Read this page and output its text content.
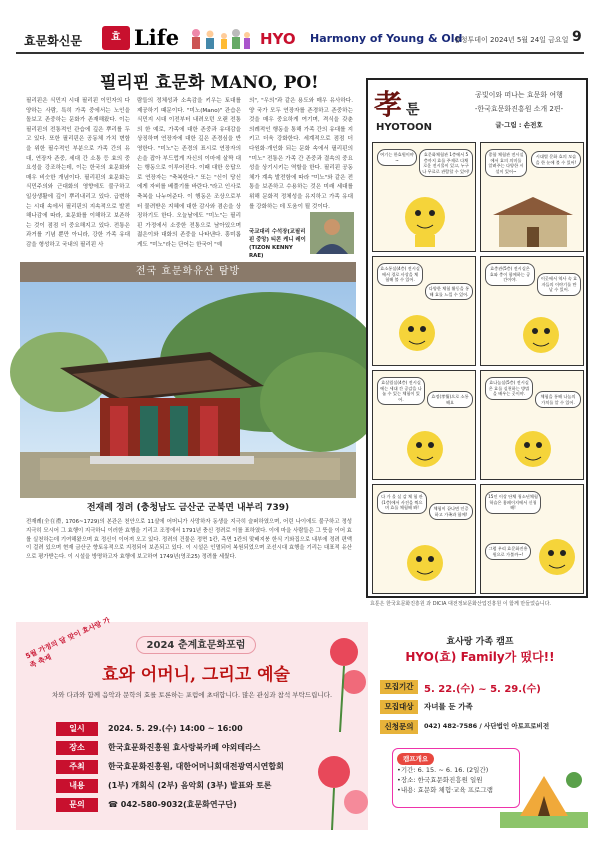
효문화신문	효 Life	HYO Harmony of Young & Old
충청투데이 2024년 5월 24일 금요일 9
필리핀 효문화 MANO, PO!
필리핀은 식민지 시대 필리핀 이민자의 다양하는 사람, 특히 가족 중에서는 노인을 돌보고 존중하는 문화가 존재해왔다. 이는 필리핀의 전통적인 관습에 깊은 뿌리를 두고 있다. 또한 필리핀은 공동체 가치 변함을 위한 필수적인 부분으로 가족 간의 유대, 연장자 존중, 세대 간 소통 등 효의 중요성을 강조하는데, 이는 한국의 효문화와 매우 비슷한 개념이다. 필리핀의 효문화는 식민주의와 근대화의 영향에도 불구하고 일상생활에 깊이 뿌리내리고 있다. 급변하는 시대 속에서 필리핀의 지속적으로 발전해나감에 따라, 효문화를 이해하고 보존하는 것이 점점 더 중요해지고 있다. 전통은 과거를 기념 뿐만 아니라, 강한 가족 유대감을 형성하고 국내의 필리핀 사
람들의 정체성과 소속감을 키우는 토대를 제공하기 때문이다. "미노(Mano)" 관습은 식민지 시대 이전부터 내려오던 오랜 전통의 한 예로, 가족에 대한 존중과 유대감을 상징하며 연장자에 대한 깊은 존경심을 반영한다. "미노"는 존경의 표시로 연장자의 손을 잡아 부드럽게 자신의 이마에 살짝 대는 행동으로 이루어진다. 이때 대한 응답으로 연장자는 "축복한다." 또는 "신이 당신에게 자비를 베풀기를 바란다."라고 인사로 축복을 나누어준다. 이 행동은 조상으로부터 물려받은 지혜에 대한 감사와 겸손을 상징하기도 한다. 오늘날에도 "미노"는 필리핀 가정에서 소중한 전통으로 남아있으며 젊은이와 대화의 존중을 나타낸다. 흥미롭게도 "미노"라는 단어는 한국어 "예
의", "우의"과 같은 용도와 매우 유사하다. 양 국가 모두 연장자를 존경하고 존중하는 것을 매우 중요하게 여기며, 격식을 갖춘 의례적인 행동을 통해 가족 간의 유대를 지키고 더욱 강화한다. 세계적으로 점점 더 다원화·개인화 되는 문화 속에서 필리핀의 "미노" 전통은 가족 간 존중과 결속의 중요성을 상기시키는 역할을 한다. 필리핀 공동체가 계속 발전함에 따라 "미노"와 같은 전통을 보존하고 수용하는 것은 미래 세대를 위해 문화적 정체성을 유지하고 가족 유대를 강화하는 데 도움이 될 것이다.
국교대리 수석장(교필리핀 중앙) 티콘 케니 레이(TIZON KENNY RAE)
전국 효문화유산 탐방
전재례 정려 (충청남도 금산군 군북면 내부리 739)
전재례(全在禮, 1706~1729)의 본관은 천안으로 11살에 어머니가 사망하자 동생을 지극히 슬퍼하였으며, 어린 나이에도 불구하고 정성 지극히 모시어 그 효행이 지극하니 이러한 효행을 기리고 조정에서 1791년 충신 정려로 이를 표하였다. 이에 마을 사람들은 그 뜻을 이어 효를 실천하는데 기여해왔으며 효 정신이 이어져 오고 있다. 정려의 건물은 정면 1칸, 측면 1칸의 맞배지붕 한식 기와집으로 내부에 정려 편액이 걸려 있으며 현재 금산군 향토유적으로 지정되어 보존되고 있다. 이 시설은 인멸되어 복원되었으며 조선시대 효행을 기리는 대표적 유산으로 평가받는다. 이 시설을 방명하고자 효행에 보고하여 1749년(영조25) 정려를 세웠다.
孝 툰
HYOTOON
공빛이와 떠나는 효문화 여행
-한국효문화진흥원 소개 2편-
글·그림 : 손전호
여기는 한효원이야~
효문화체험관 1층에서 5층까지 효를 주제로 다채로운 전시물이 있고, 누구나 무료로 관람할 수 있어!
종합 체험관 전시실에서 효의 의미를 알려주는 다양한 시설이 있어~
시대별 문화 효의 모습을 한 눈에 볼 수 있어!
효소통실(4층) 전시실에서 경로 사상을 체험해 볼 수 있어.
다양한 체험 활동을 통해 효를 느낄 수 있어.
효충관(5층) 전시실은 효와 충이 함께하는 공간이야.	이곳에서 역사 속 효자들의 이야기를 만날 수 있어.
효살림실(4층) 전시실에는 세대 간 공감을 나눌 수 있는 체험이 있어.	효정(孝情)으로 소통해요
효나눔실(5층) 전시실은 효를 실천하는 방법을 배우는 곳이야.
체험을 통해 나눔의 가치를 알 수 있어.
다 가 올 실 감 체 험 관 (1층)에서 사진을 찍으며 효를 체험해 봐!	체험이 끝나면 인증하고 가족과 함께!
15인 이상 단체 청소년체험학습은 홈페이지에서 신청해!
그럼 우리 효문화진흥원으로 가볼까~!
효툰은 한국효문화진흥원 과 DICIA 대전정보문화산업진흥원 이 함께 만들었습니다.
5월 가정의 달 맞이 효사랑 가족 축제
2024 춘계효문화포럼
효와 어머니, 그리고 예술
차와 다과와 함께 음악과 문학의 효를 토론하는 포럼에 초대합니다. 많은 관심과 참석 부탁드립니다.
일시	2024. 5. 29.(수) 14:00 ~ 16:00
장소	한국효문화진흥원 효사랑북카페 야외테라스
주최	한국효문화진흥원, 대한어머니회대전광역시연합회
내용	(1부) 개회식 (2부) 음악회 (3부) 발표와 토론
문의	☎ 042-580-9032(효문화연구단)
효사랑 가족 캠프
HYO(효) Family가 떴다!!
모집기간	5. 22.(수) ~ 5. 29.(수)
모집대상	자녀를 둔 가족
신청문의	042) 482-7586 / 사단법인 아토프로비전
캠프개요
•기간: 6. 15. ~ 6. 16. (2일간)
•장소: 한국효문화진흥원 일원
•내용: 효문화 체험·교육 프로그램
